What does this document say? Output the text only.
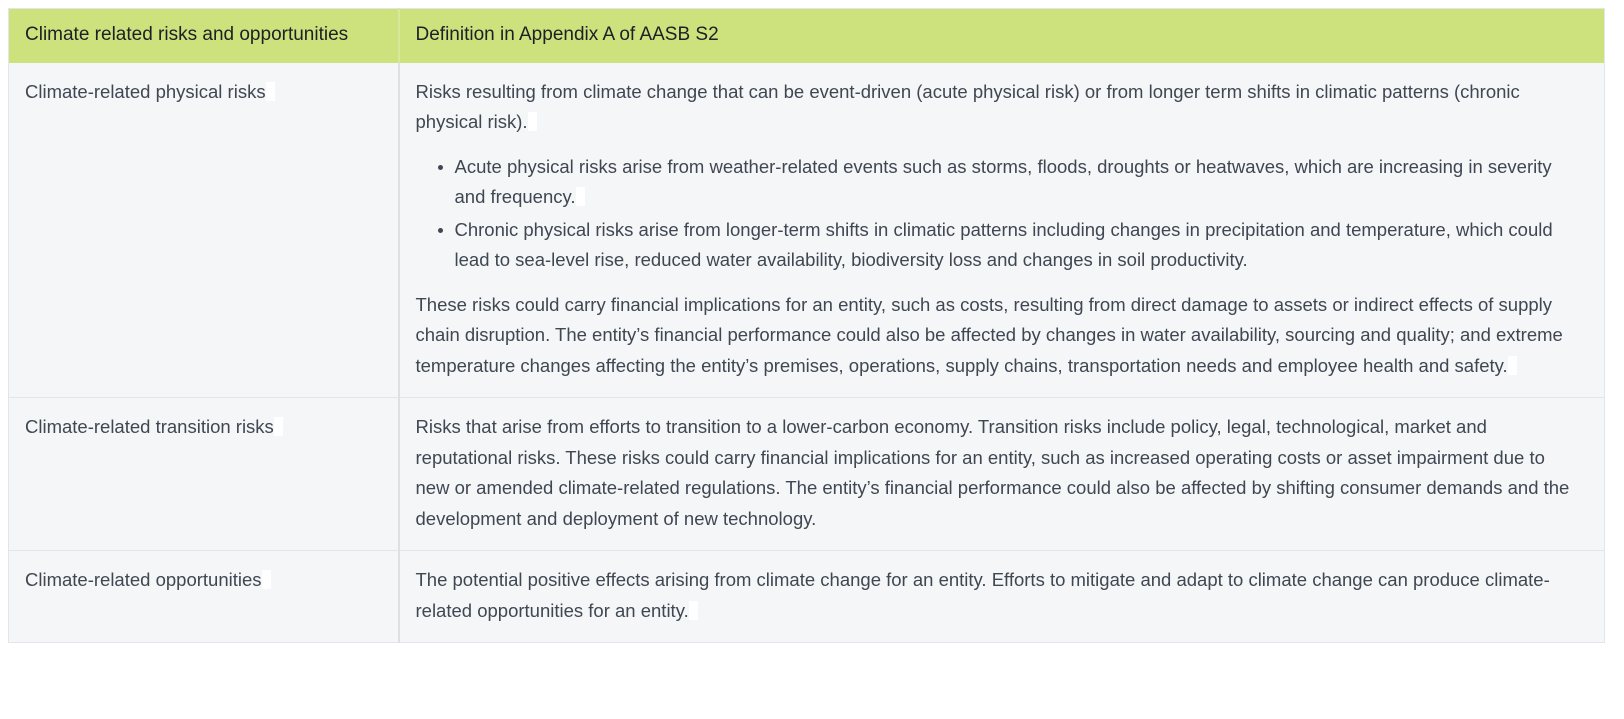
Climate related risks and opportunities	Definition in Appendix A of AASB S2
Climate-related physical risks	Risks resulting from climate change that can be event-driven (acute physical risk) or from longer term shifts in climatic patterns (chronic physical risk).

Acute physical risks arise from weather-related events such as storms, floods, droughts or heatwaves, which are increasing in severity and frequency.
Chronic physical risks arise from longer-term shifts in climatic patterns including changes in precipitation and temperature, which could lead to sea-level rise, reduced water availability, biodiversity loss and changes in soil productivity.

These risks could carry financial implications for an entity, such as costs, resulting from direct damage to assets or indirect effects of supply chain disruption. The entity’s financial performance could also be affected by changes in water availability, sourcing and quality; and extreme temperature changes affecting the entity’s premises, operations, supply chains, transportation needs and employee health and safety.

Climate-related transition risks	Risks that arise from efforts to transition to a lower-carbon economy. Transition risks include policy, legal, technological, market and reputational risks. These risks could carry financial implications for an entity, such as increased operating costs or asset impairment due to new or amended climate-related regulations. The entity’s financial performance could also be affected by shifting consumer demands and the development and deployment of new technology.

Climate-related opportunities	The potential positive effects arising from climate change for an entity. Efforts to mitigate and adapt to climate change can produce climate-related opportunities for an entity.
